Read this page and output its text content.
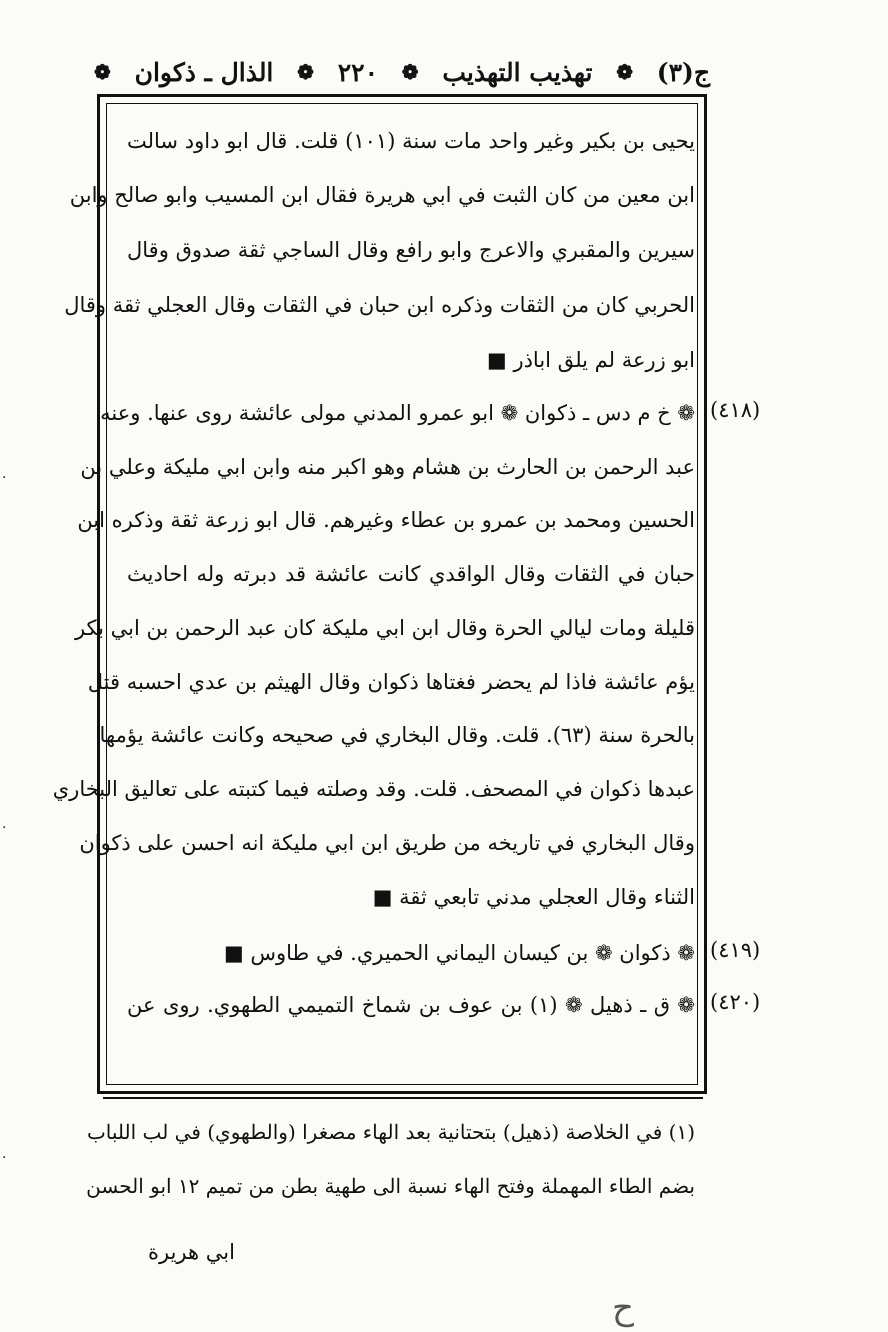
ج(٣)
❁
تهذيب التهذيب
❁
٢٢٠
❁
الذال ـ ذكوان
❁
يحيى بن بكير وغير واحد مات سنة (١٠١) قلت. قال ابو داود سالت
ابن معين من كان الثبت في ابي هريرة فقال ابن المسيب وابو صالح وابن
سيرين والمقبري والاعرج وابو رافع وقال الساجي ثقة صدوق وقال
الحربي كان من الثقات وذكره ابن حبان في الثقات وقال العجلي ثقة وقال
ابو زرعة لم يلق اباذر ■
❁ خ م دس ـ ذكوان ❁ ابو عمرو المدني مولى عائشة روى عنها. وعنه
عبد الرحمن بن الحارث بن هشام وهو اكبر منه وابن ابي مليكة وعلي بن
الحسين ومحمد بن عمرو بن عطاء وغيرهم. قال ابو زرعة ثقة وذكره ابن
حبان في الثقات وقال الواقدي كانت عائشة قد دبرته وله احاديث
قليلة ومات ليالي الحرة وقال ابن ابي مليكة كان عبد الرحمن بن ابي بكر
يؤم عائشة فاذا لم يحضر فغتاها ذكوان وقال الهيثم بن عدي احسبه قتل
بالحرة سنة (٦٣). قلت. وقال البخاري في صحيحه وكانت عائشة يؤمها
عبدها ذكوان في المصحف. قلت. وقد وصلته فيما كتبته على تعاليق البخاري
وقال البخاري في تاريخه من طريق ابن ابي مليكة انه احسن على ذكوان
الثناء وقال العجلي مدني تابعي ثقة ■
❁ ذكوان ❁ بن كيسان اليماني الحميري. في طاوس ■
❁ ق ـ ذهيل ❁ (١) بن عوف بن شماخ التميمي الطهوي. روى عن
(٤١٨)
(٤١٩)
(٤٢٠)
(١) في الخلاصة (ذهيل) بتحتانية بعد الهاء مصغرا (والطهوي) في لب اللباب
بضم الطاء المهملة وفتح الهاء نسبة الى طهية بطن من تميم ١٢ ابو الحسن
ابي هريرة
·
·
·
ح
